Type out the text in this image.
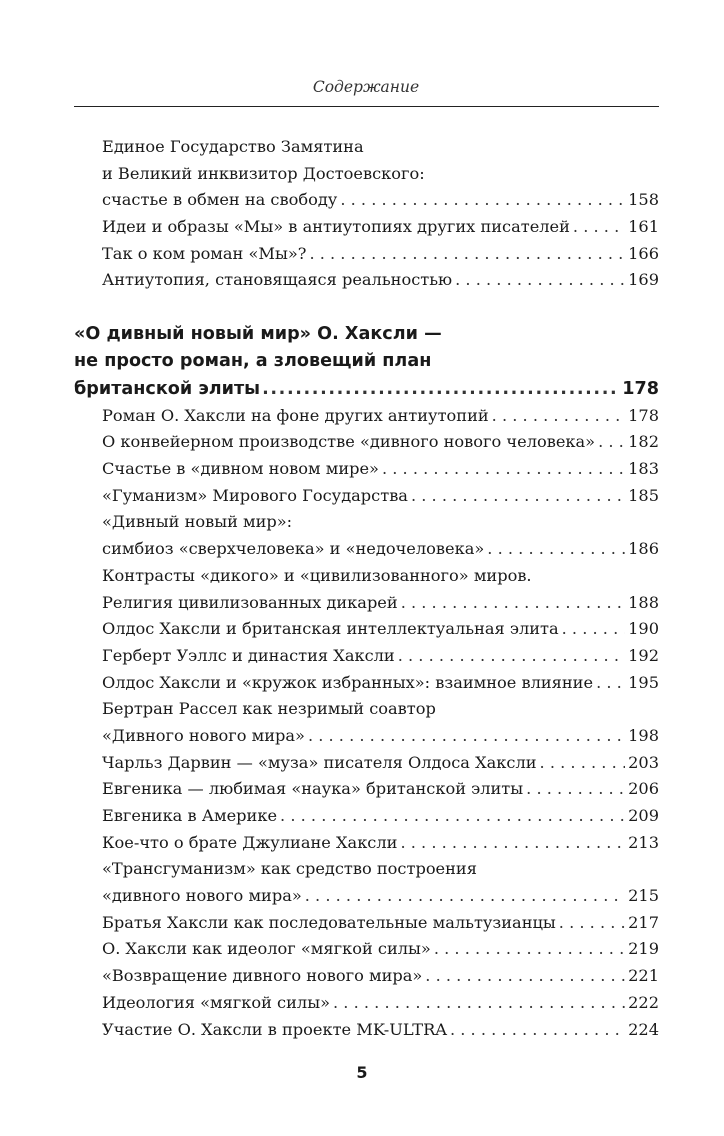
Содержание
Единое Государство Замятина
и Великий инквизитор Достоевского:
счастье в обмен на свободу . . .	158
Идеи и образы «Мы» в антиутопиях других писателей . . .	161
Так о ком роман «Мы»? . . .	166
Антиутопия, становящаяся реальностью . . .	169
«О дивный новый мир» О. Хаксли —
не просто роман, а зловещий план
британской элиты .....	178
Роман О. Хаксли на фоне других антиутопий . . .	178
О конвейерном производстве «дивного нового человека» . . . 182
Счастье в «дивном новом мире» . . .	183
«Гуманизм» Мирового Государства . . .	185
«Дивный новый мир»:
симбиоз «сверхчеловека» и «недочеловека» . . .	186
Контрасты «дикого» и «цивилизованного» миров.
Религия цивилизованных дикарей . . .	188
Олдос Хаксли и британская интеллектуальная элита . . .	190
Герберт Уэллс и династия Хаксли . . .	192
Олдос Хаксли и «кружок избранных»: взаимное влияние . . . 195
Бертран Рассел как незримый соавтор
«Дивного нового мира» . . .	198
Чарльз Дарвин — «муза» писателя Олдоса Хаксли . . .	203
Евгеника — любимая «наука» британской элиты . . .	206
Евгеника в Америке . . .	209
Кое-что о брате Джулиане Хаксли . . .	213
«Трансгуманизм» как средство построения
«дивного нового мира» . . .	215
Братья Хаксли как последовательные мальтузианцы . . .	217
О. Хаксли как идеолог «мягкой силы» . . .	219
«Возвращение дивного нового мира» . . .	221
Идеология «мягкой силы» . . .	222
Участие О. Хаксли в проекте MK-ULTRA . . .	224
5
